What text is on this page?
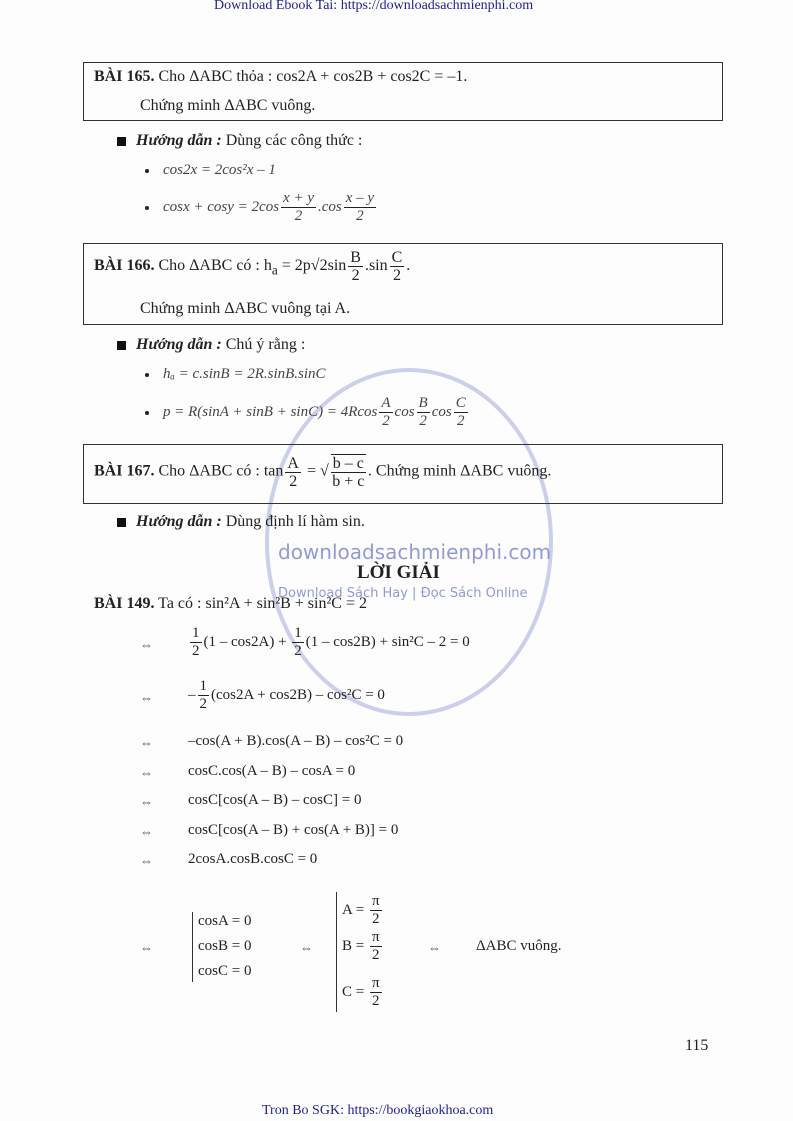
downloadsachmienphi.com
Download Sách Hay | Đọc Sách Online
Download Ebook Tai: https://downloadsachmienphi.com
BÀI 165. Cho ΔABC thỏa : cos2A + cos2B + cos2C = –1.
Chứng minh ΔABC vuông.
Hướng dẫn : Dùng các công thức :
cos2x = 2cos²x – 1
$\cos x + \cos y = 2\cos \frac{x + y}{2} .\cos \frac{x - y}{2}$
BÀI 166. Cho ΔABC có : $h_a = 2p√2\sin \frac{B}{2} .\sin \frac{C}{2}$ .
Chứng minh ΔABC vuông tại A.
Hướng dẫn : Chú ý rằng :
hₐ = c.sinB = 2R.sinB.sinC
$p = R(\sin A + \sin B + \sin C) = 4Rcos \frac{A}{2}$ $\cos \frac{B}{2}$ $\cos \frac{C}{2}$
BÀI 167. Cho ΔABC có : $\tan \frac{A}{2}$ = √ $\frac{b - c}{b + c}$ . Chứng minh ΔABC vuông.
Hướng dẫn : Dùng định lí hàm sin.
LỜI GIẢI
BÀI 149. Ta có : sin²A + sin²B + sin²C = 2
⇔ $\frac{1}{2} (1 - \cos 2A) + \frac{1}{2} (1 - \cos 2B) + \sin^2C - 2 = 0$
⇔ – $\frac{1}{2} (\cos 2A + \cos 2B) - \cos^2C = 0$
⇔ –cos(A + B).cos(A – B) – cos²C = 0
⇔ cosC.cos(A – B) – cosA = 0
⇔ cosC[cos(A – B) – cosC] = 0
⇔ cosC[cos(A – B) + cos(A + B)] = 0
⇔ 2cosA.cosB.cosC = 0
⇔
cosA = 0
cosB = 0
cosC = 0
⇔
$A = \frac{\pi}{2}$
$B = \frac{\pi}{2}$
$C = \frac{\pi}{2}$
⇔ ΔABC vuông.
115
Tron Bo SGK: https://bookgiaokhoa.com
